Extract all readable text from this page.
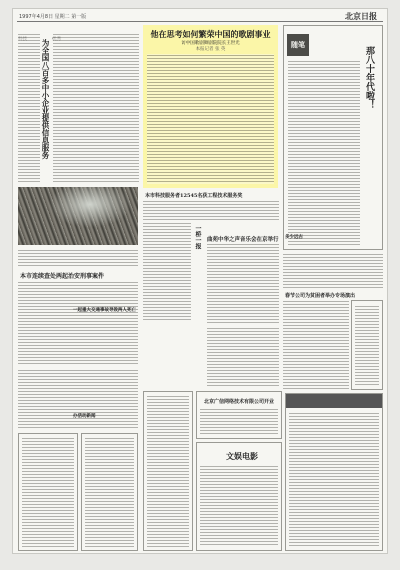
1997年4月8日 星期二 第一版	北京日报
为全国八百多中小企业提供信息服务
本市连续查处两起治安刑事案件
他在思考如何繁荣中国的歌剧事业
访中国歌剧舞剧院院长王世光
本报记者 张 英
随笔
那八十年代啦！
多少远古
春节公司为贫困者举办专场演出
本市科技服务者12545名获工程技术服务奖
一桥一报 曲苑中华之声音乐会在京举行
一起重大交通事故导致两人死亡
办活动新闻
北京广信网络技术有限公司开业
文娱电影
